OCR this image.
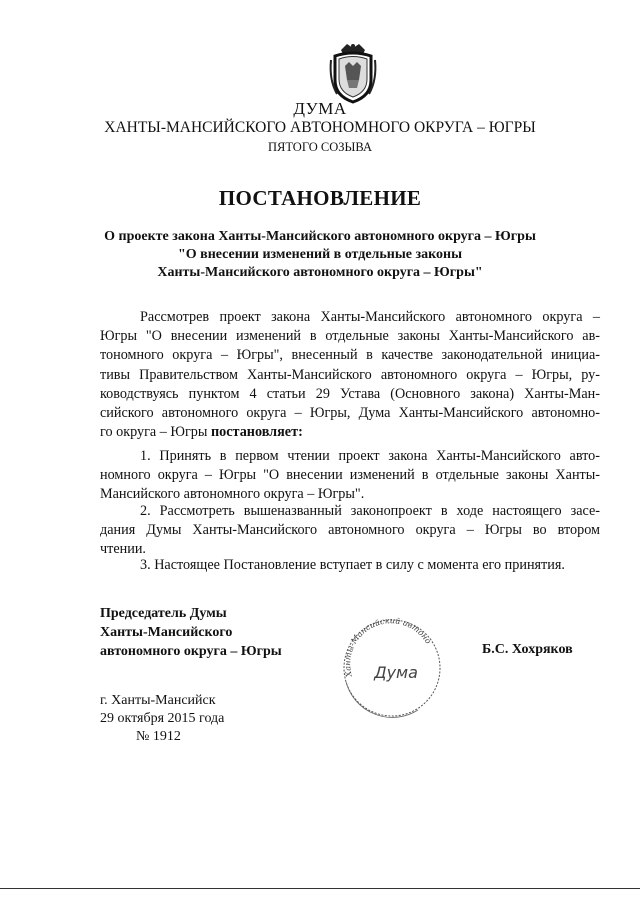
ДУМА
ХАНТЫ-МАНСИЙСКОГО АВТОНОМНОГО ОКРУГА – ЮГРЫ
ПЯТОГО СОЗЫВА
ПОСТАНОВЛЕНИЕ
О проекте закона Ханты-Мансийского автономного округа – Югры
"О внесении изменений в отдельные законы
Ханты-Мансийского автономного округа – Югры"
Рассмотрев проект закона Ханты-Мансийского автономного округа –
Югры "О внесении изменений в отдельные законы Ханты-Мансийского ав-
тономного округа – Югры", внесенный в качестве законодательной инициа-
тивы Правительством Ханты-Мансийского автономного округа – Югры, ру-
ководствуясь пунктом 4 статьи 29 Устава (Основного закона) Ханты-Ман-
сийского автономного округа – Югры, Дума Ханты-Мансийского автономно-
го округа – Югры постановляет:
1. Принять в первом чтении проект закона Ханты-Мансийского авто-
номного округа – Югры "О внесении изменений в отдельные законы Ханты-
Мансийского автономного округа – Югры".
2. Рассмотреть вышеназванный законопроект в ходе настоящего засе-
дания Думы Ханты-Мансийского автономного округа – Югры во втором
чтении.
3. Настоящее Постановление вступает в силу с момента его принятия.
Председатель Думы
Ханты-Мансийского
автономного округа – Югры
Ханты-Мансийский автоно
Дума
Б.С. Хохряков
г. Ханты-Мансийск
29 октября 2015 года
№ 1912
